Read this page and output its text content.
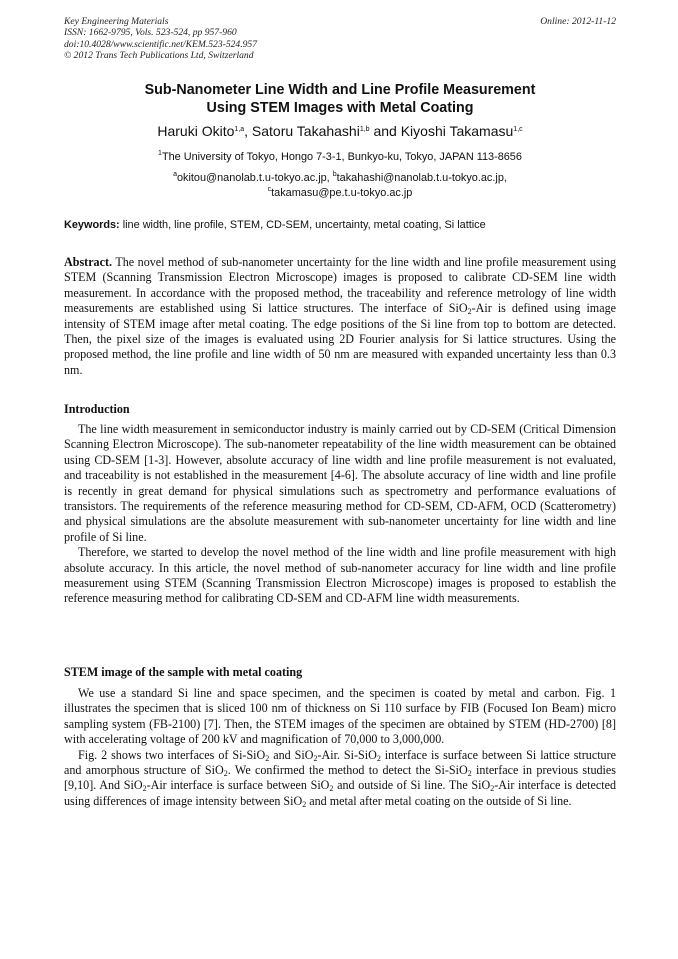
Key Engineering Materials
ISSN: 1662-9795, Vols. 523-524, pp 957-960
doi:10.4028/www.scientific.net/KEM.523-524.957
© 2012 Trans Tech Publications Ltd, Switzerland
Online: 2012-11-12
Sub-Nanometer Line Width and Line Profile Measurement
Using STEM Images with Metal Coating
Haruki Okito$^{1,a}$, Satoru Takahashi$^{1,b}$ and Kiyoshi Takamasu$^{1,c}$
$^1$The University of Tokyo, Hongo 7-3-1, Bunkyo-ku, Tokyo, JAPAN 113-8656
$^a$okitou@nanolab.t.u-tokyo.ac.jp, $^b$takahashi@nanolab.t.u-tokyo.ac.jp,
$^c$takamasu@pe.t.u-tokyo.ac.jp
Keywords: line width, line profile, STEM, CD-SEM, uncertainty, metal coating, Si lattice

Abstract. The novel method of sub-nanometer uncertainty for the line width and line profile measurement using STEM (Scanning Transmission Electron Microscope) images is proposed to calibrate CD-SEM line width measurement. In accordance with the proposed method, the traceability and reference metrology of line width measurements are established using Si lattice structures. The interface of SiO$_2$-Air is defined using image intensity of STEM image after metal coating. The edge positions of the Si line from top to bottom are detected. Then, the pixel size of the images is evaluated using 2D Fourier analysis for Si lattice structures. Using the proposed method, the line profile and line width of 50 nm are measured with expanded uncertainty less than 0.3 nm.

Introduction

The line width measurement in semiconductor industry is mainly carried out by CD-SEM (Critical Dimension Scanning Electron Microscope). The sub-nanometer repeatability of the line width measurement can be obtained using CD-SEM [1-3]. However, absolute accuracy of line width and line profile measurement is not evaluated, and traceability is not established in the measurement [4-6]. The absolute accuracy of line width and line profile is recently in great demand for physical simulations such as spectrometry and performance evaluations of transistors. The requirements of the reference measuring method for CD-SEM, CD-AFM, OCD (Scatterometry) and physical simulations are the absolute measurement with sub-nanometer uncertainty for line width and line profile of Si line.

Therefore, we started to develop the novel method of the line width and line profile measurement with high absolute accuracy. In this article, the novel method of sub-nanometer accuracy for line width and line profile measurement using STEM (Scanning Transmission Electron Microscope) images is proposed to establish the reference measuring method for calibrating CD-SEM and CD-AFM line width measurements.

STEM image of the sample with metal coating

We use a standard Si line and space specimen, and the specimen is coated by metal and carbon. Fig. 1 illustrates the specimen that is sliced 100 nm of thickness on Si 110 surface by FIB (Focused Ion Beam) micro sampling system (FB-2100) [7]. Then, the STEM images of the specimen are obtained by STEM (HD-2700) [8] with accelerating voltage of 200 kV and magnification of 70,000 to 3,000,000.

Fig. 2 shows two interfaces of Si-SiO$_2$ and SiO$_2$-Air. Si-SiO$_2$ interface is surface between Si lattice structure and amorphous structure of SiO$_2$. We confirmed the method to detect the Si-SiO$_2$ interface in previous studies [9,10]. And SiO$_2$-Air interface is surface between SiO$_2$ and outside of Si line. The SiO$_2$-Air interface is detected using differences of image intensity between SiO$_2$ and metal after metal coating on the outside of Si line.
